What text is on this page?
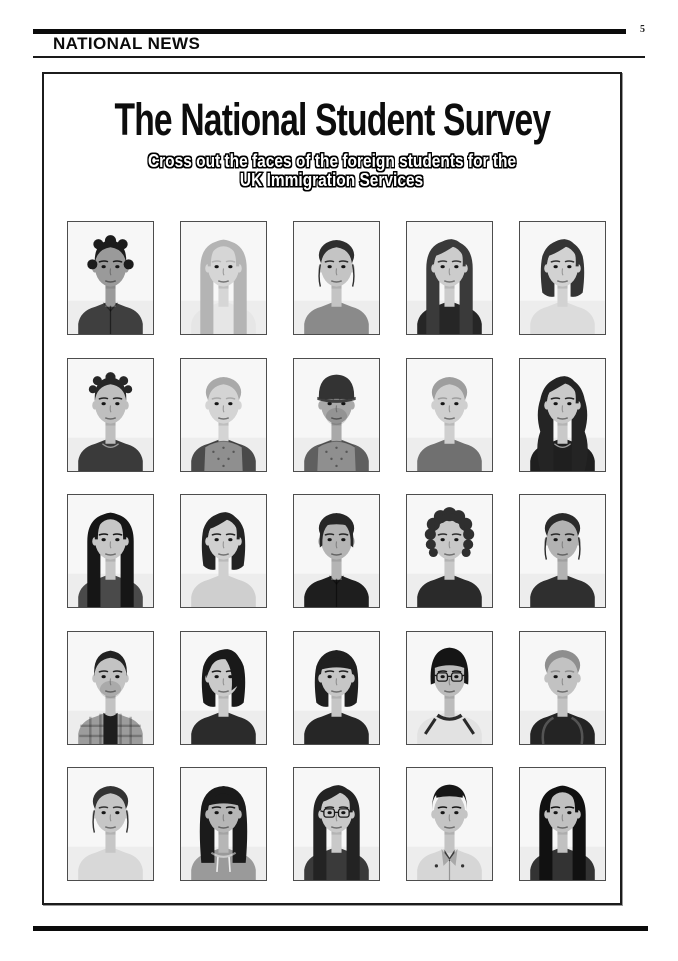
NATIONAL NEWS
5
The National Student Survey
Cross out the faces of the foreign students for the
UK Immigration Services
